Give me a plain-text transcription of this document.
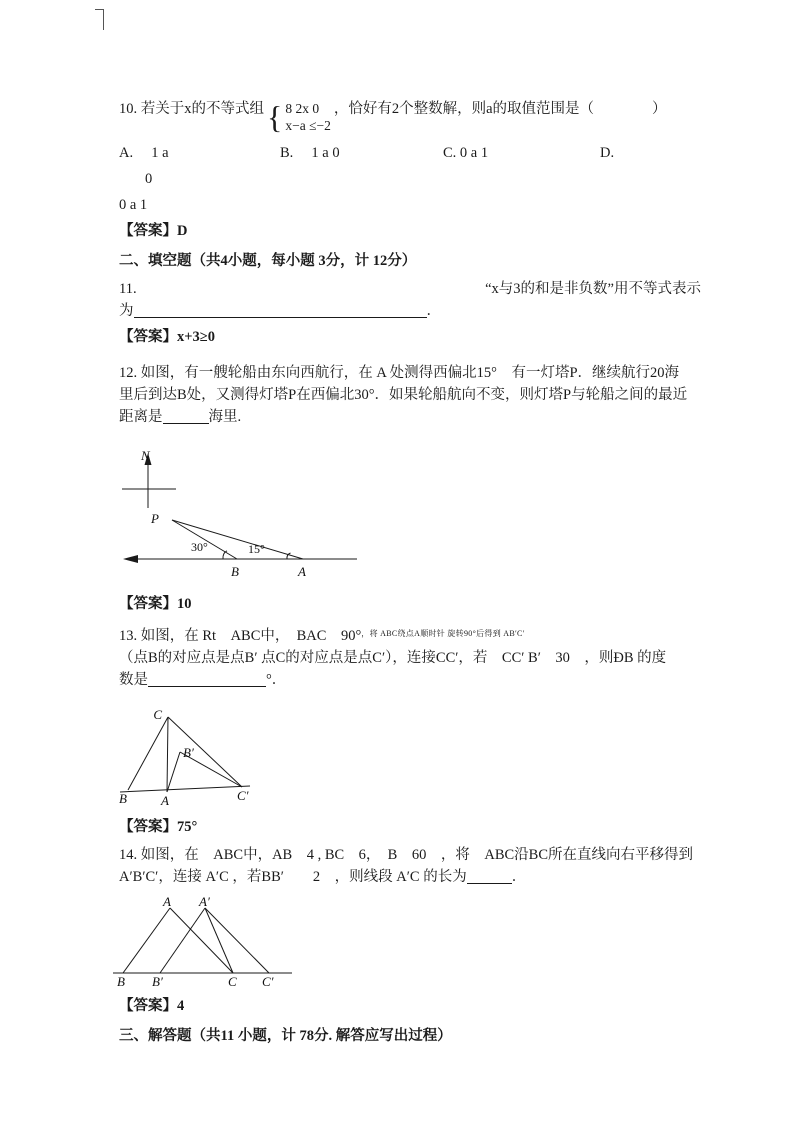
10. 若关于x的不等式组 { 8 2x 0
x−a ≤−2
，恰好有2个整数解，则a的取值范围是（　　　　）
A.　 1 a	B.　 1 a 0	C. 0 a 1	D.
0
0 a 1
【答案】D
二、填空题（共4小题，每小题 3分，计 12分）
11.	“x与3的和是非负数”用不等式表示
为	．
【答案】x+3≥0
12. 如图，有一艘轮船由东向西航行，在 A 处测得西偏北15°　有一灯塔P．继续航行20海
里后到达B处，又测得灯塔P在西偏北30°．如果轮船航向不变，则灯塔P与轮船之间的最近
距离是	海里.
N
P
30°	15°
B	A
【答案】10
13. 如图，在 Rt　ABC中，　BAC　90°$^{,将 ABC绕点A顺时针 旋转90^\circ 后得到 AB'C'}$
（点B的对应点是点B′ 点C的对应点是点C′），连接CC′，若　CC′ B′　30　，则ÐB 的度
数是	°．
C
B′
B	A	C′
【答案】75°
14. 如图，在　ABC中，AB　4 , BC　6，　B　60　，将　ABC沿BC所在直线向右平移得到
A′B′C′，连接 A′C ，若BB′　　2　，则线段 A′C 的长为	．
A A′
B B′	C C′
【答案】4
三、解答题（共11 小题，计 78分. 解答应写出过程）
